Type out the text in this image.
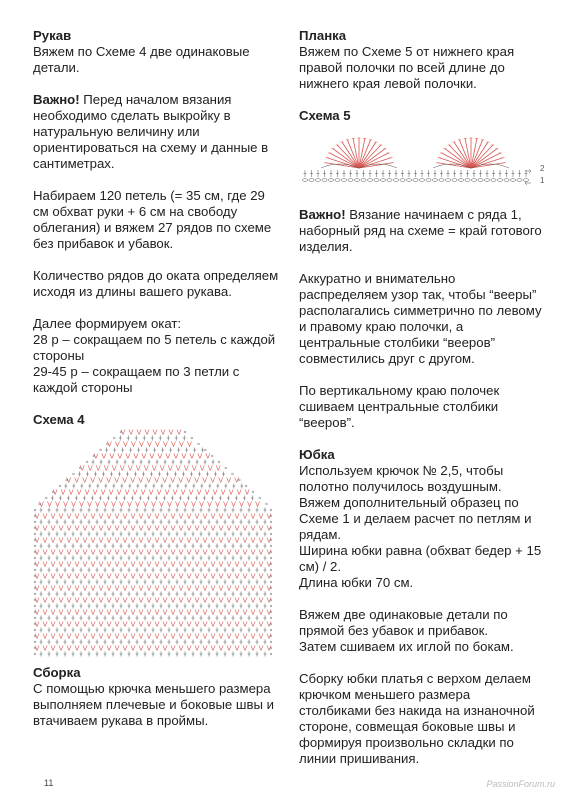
Рукав

Вяжем по Схеме 4 две одинаковые детали.

Важно! Перед началом вязания необходимо сделать выкройку в натуральную величину или ориентироваться на схему и данные в сантиметрах.

Набираем 120 петель (= 35 см, где 29 см обхват руки + 6 см на свободу облегания) и вяжем 27 рядов по схеме без прибавок и убавок.

Количество рядов до оката определяем исходя из длины вашего рукава.

Далее формируем окат:

28 р – сокращаем по 5 петель с каждой стороны

29-45 р – сокращаем по 3 петли с каждой стороны

Схема 4
Сборка

С помощью крючка меньшего размера выполняем плечевые и боковые швы и втачиваем рукава в проймы.

Планка

Вяжем по Схеме 5 от нижнего края правой полочки по всей длине до нижнего края левой полочки.

Схема 5
2
1

Важно! Вязание начинаем с ряда 1, наборный ряд на схеме = край готового изделия.

Аккуратно и внимательно распределяем узор так, чтобы “вееры” располагались симметрично по левому и правому краю полочки, а центральные столбики “вееров” совместились друг с другом.

По вертикальному краю полочек сшиваем центральные столбики “вееров”.

Юбка

Используем крючок № 2,5, чтобы полотно получилось воздушным.

Вяжем дополнительный образец по Схеме 1 и делаем расчет по петлям и рядам.

Ширина юбки равна (обхват бедер + 15 см) / 2.

Длина юбки 70 см.

Вяжем две одинаковые детали по прямой без убавок и прибавок.

Затем сшиваем их иглой по бокам.

Сборку юбки платья с верхом делаем крючком меньшего размера столбиками без накида на изнаночной стороне, совмещая боковые швы и формируя произвольно складки по линии пришивания.

11	PassionForum.ru
